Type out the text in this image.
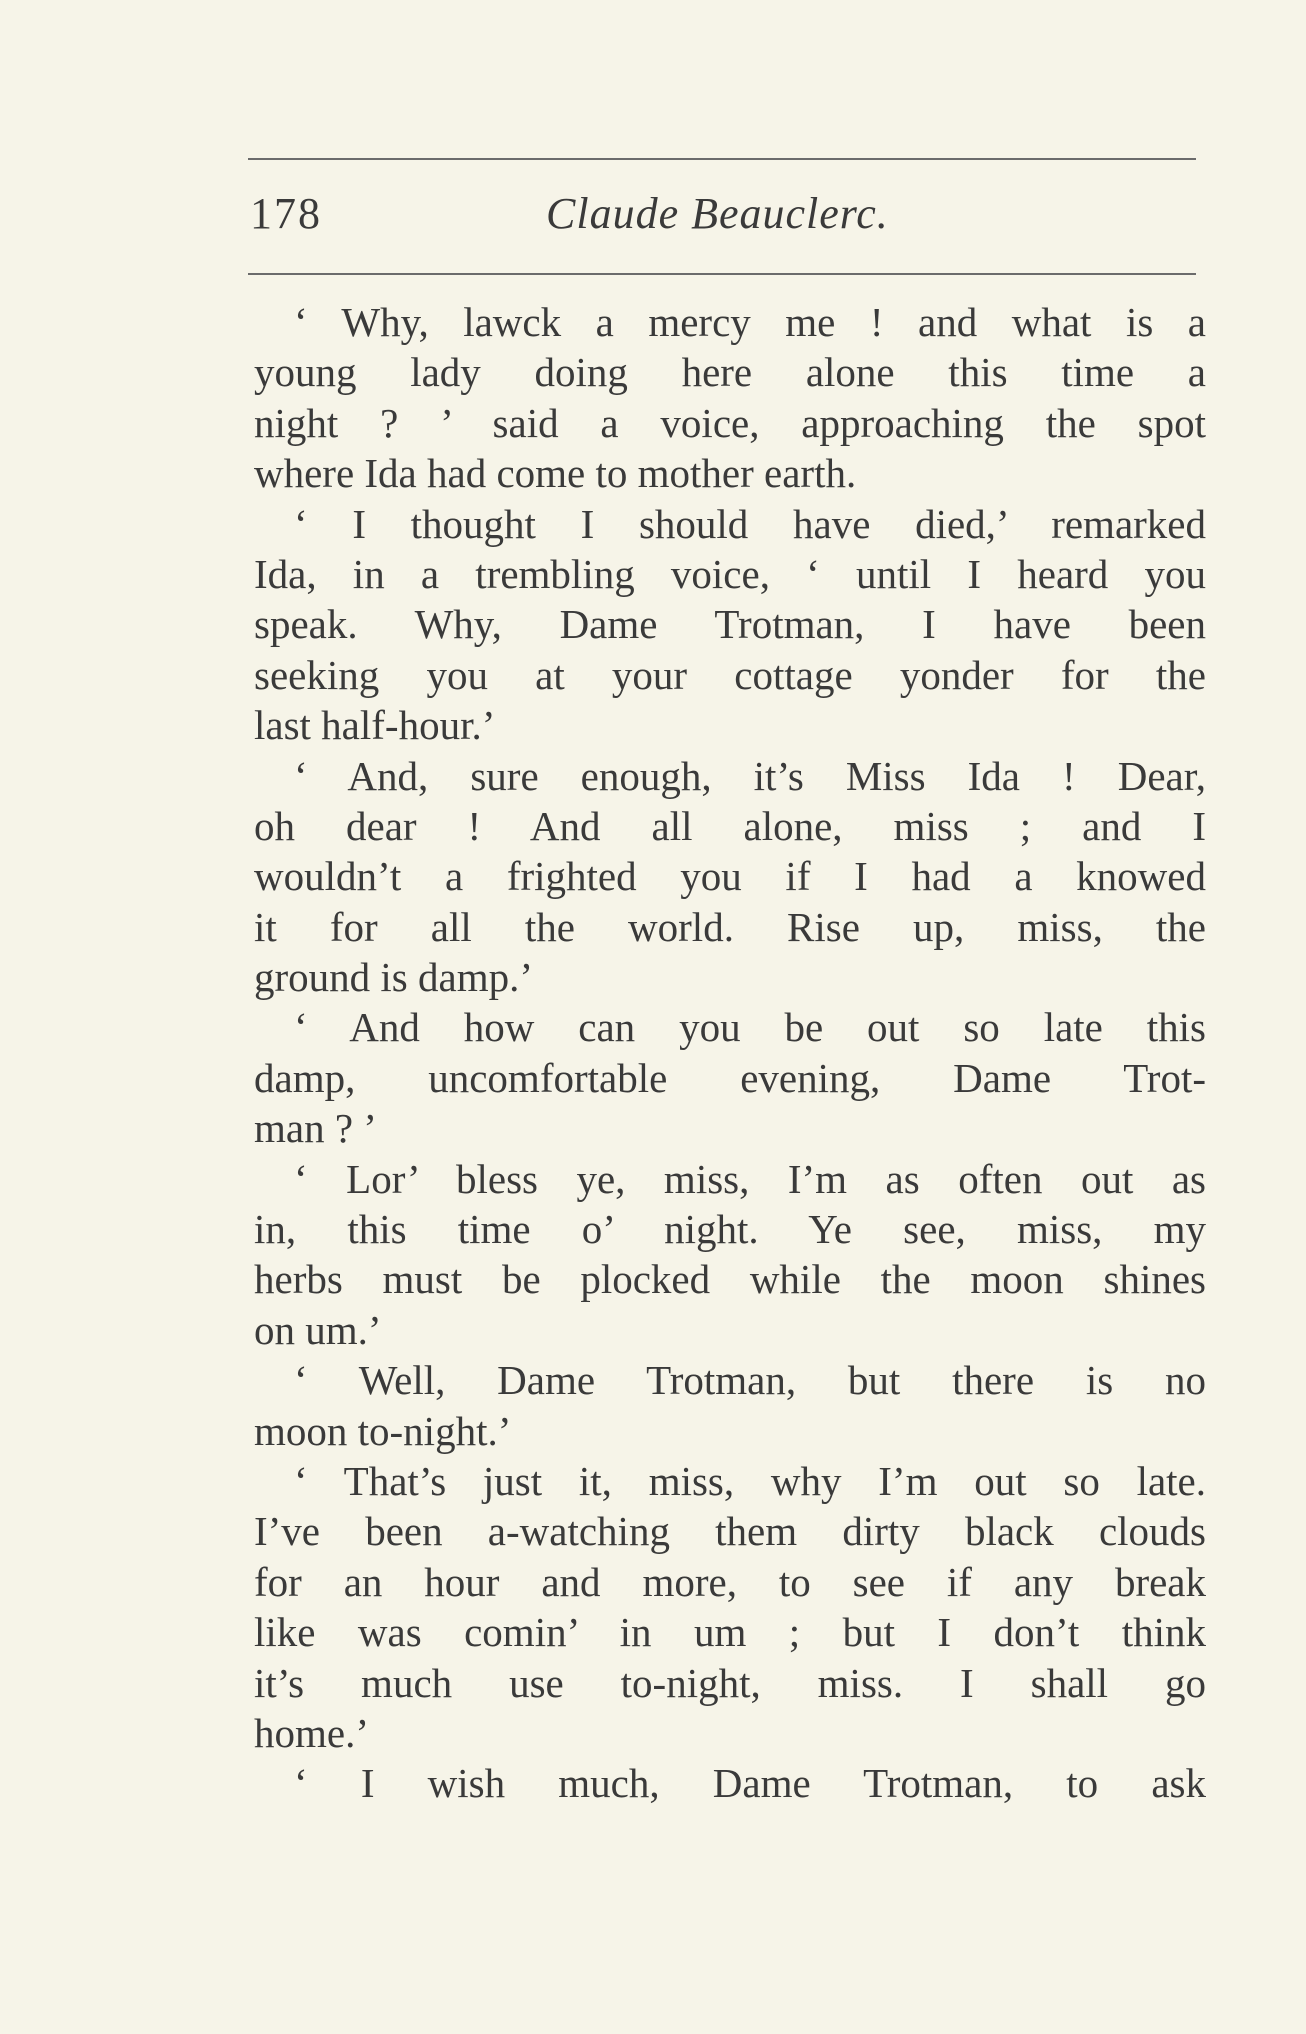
178	Claude Beauclerc.
‘ Why, lawck a mercy me ! and what is a
young lady doing here alone this time a
night ? ’ said a voice, approaching the spot
where Ida had come to mother earth.
‘ I thought I should have died,’ remarked
Ida, in a trembling voice, ‘ until I heard you
speak. Why, Dame Trotman, I have been
seeking you at your cottage yonder for the
last half-hour.’
‘ And, sure enough, it’s Miss Ida ! Dear,
oh dear ! And all alone, miss ; and I
wouldn’t a frighted you if I had a knowed
it for all the world. Rise up, miss, the
ground is damp.’
‘ And how can you be out so late this
damp, uncomfortable evening, Dame Trot-
man ? ’
‘ Lor’ bless ye, miss, I’m as often out as
in, this time o’ night. Ye see, miss, my
herbs must be plocked while the moon shines
on um.’
‘ Well, Dame Trotman, but there is no
moon to-night.’
‘ That’s just it, miss, why I’m out so late.
I’ve been a-watching them dirty black clouds
for an hour and more, to see if any break
like was comin’ in um ; but I don’t think
it’s much use to-night, miss. I shall go
home.’
‘ I wish much, Dame Trotman, to ask
